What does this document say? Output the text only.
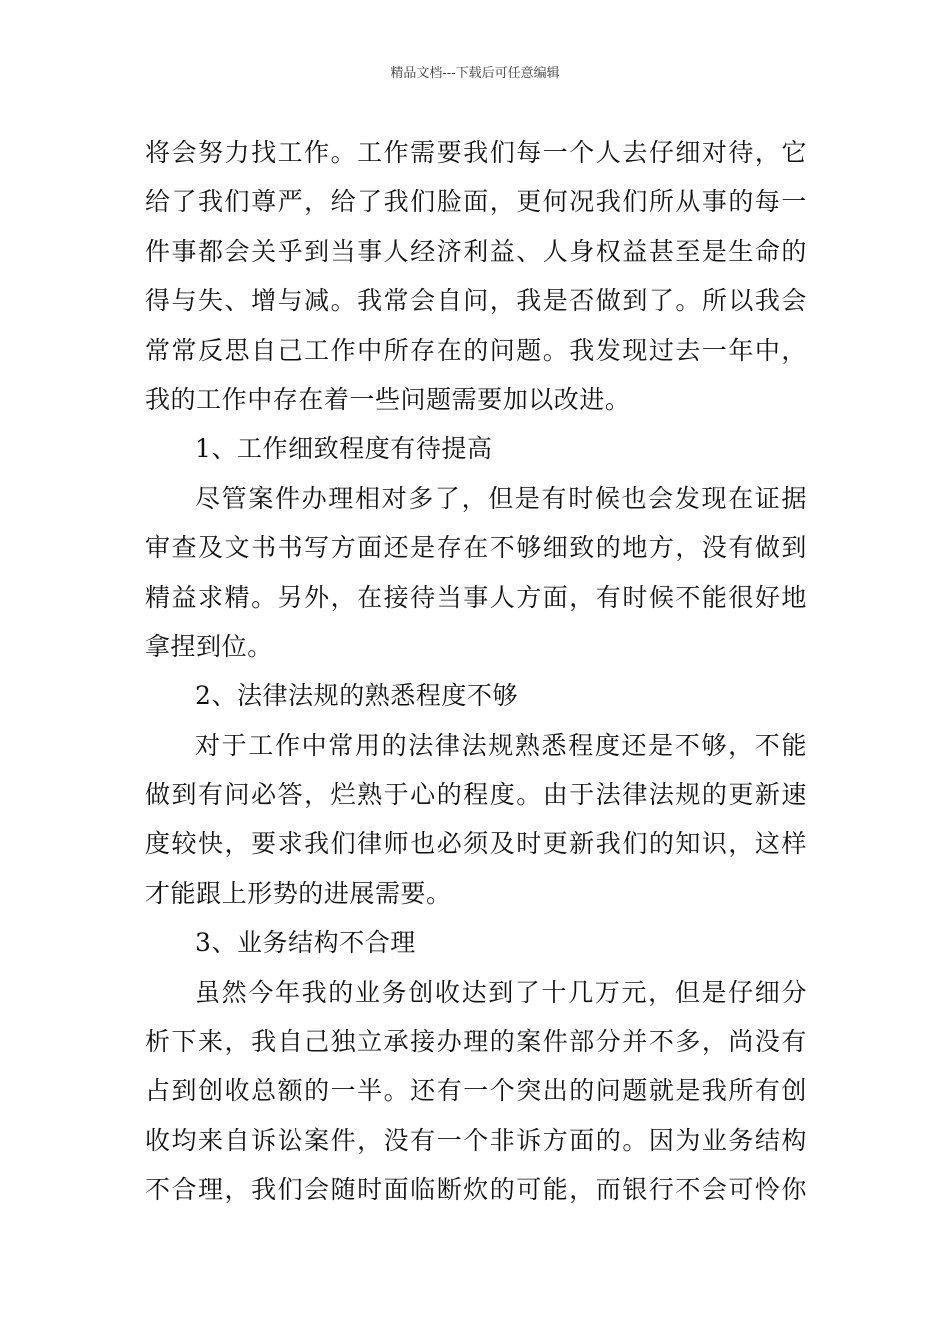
精品文档---下载后可任意编辑
将会努力找工作。工作需要我们每一个人去仔细对待，它
给了我们尊严，给了我们脸面，更何况我们所从事的每一
件事都会关乎到当事人经济利益、人身权益甚至是生命的
得与失、增与减。我常会自问，我是否做到了。所以我会
常常反思自己工作中所存在的问题。我发现过去一年中，
我的工作中存在着一些问题需要加以改进。
1、工作细致程度有待提高
尽管案件办理相对多了，但是有时候也会发现在证据
审查及文书书写方面还是存在不够细致的地方，没有做到
精益求精。另外，在接待当事人方面，有时候不能很好地
拿捏到位。
2、法律法规的熟悉程度不够
对于工作中常用的法律法规熟悉程度还是不够，不能
做到有问必答，烂熟于心的程度。由于法律法规的更新速
度较快，要求我们律师也必须及时更新我们的知识，这样
才能跟上形势的进展需要。
3、业务结构不合理
虽然今年我的业务创收达到了十几万元，但是仔细分
析下来，我自己独立承接办理的案件部分并不多，尚没有
占到创收总额的一半。还有一个突出的问题就是我所有创
收均来自诉讼案件，没有一个非诉方面的。因为业务结构
不合理，我们会随时面临断炊的可能，而银行不会可怜你
